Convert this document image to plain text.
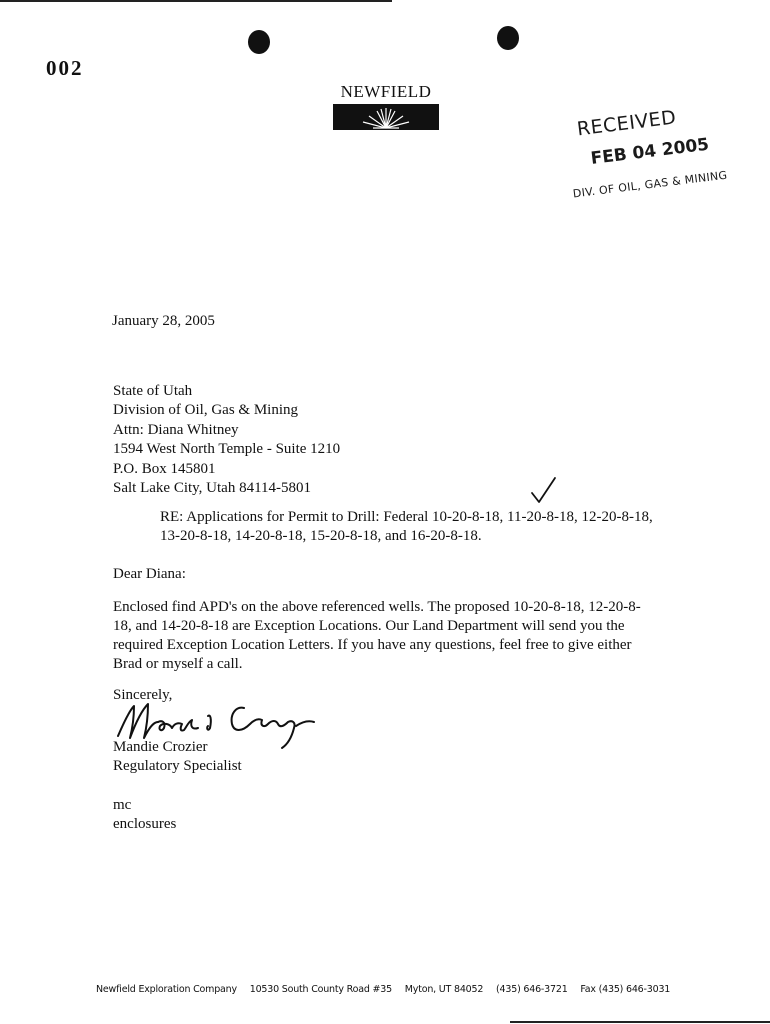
002
NEWFIELD
RECEIVED
FEB 04 2005
DIV. OF OIL, GAS & MINING
January 28, 2005
State of Utah
Division of Oil, Gas & Mining
Attn: Diana Whitney
1594 West North Temple - Suite 1210
P.O. Box 145801
Salt Lake City, Utah 84114-5801
RE: Applications for Permit to Drill: Federal 10-20-8-18, 11-20-8-18, 12-20-8-18,
13-20-8-18, 14-20-8-18, 15-20-8-18, and 16-20-8-18.
Dear Diana:
Enclosed find APD's on the above referenced wells. The proposed 10-20-8-18, 12-20-8-
18, and 14-20-8-18 are Exception Locations. Our Land Department will send you the
required Exception Location Letters. If you have any questions, feel free to give either
Brad or myself a call.
Sincerely,
Mandie Crozier
Regulatory Specialist
mc
enclosures
Newfield Exploration Company 10530 South County Road #35 Myton, UT 84052 (435) 646-3721 Fax (435) 646-3031
